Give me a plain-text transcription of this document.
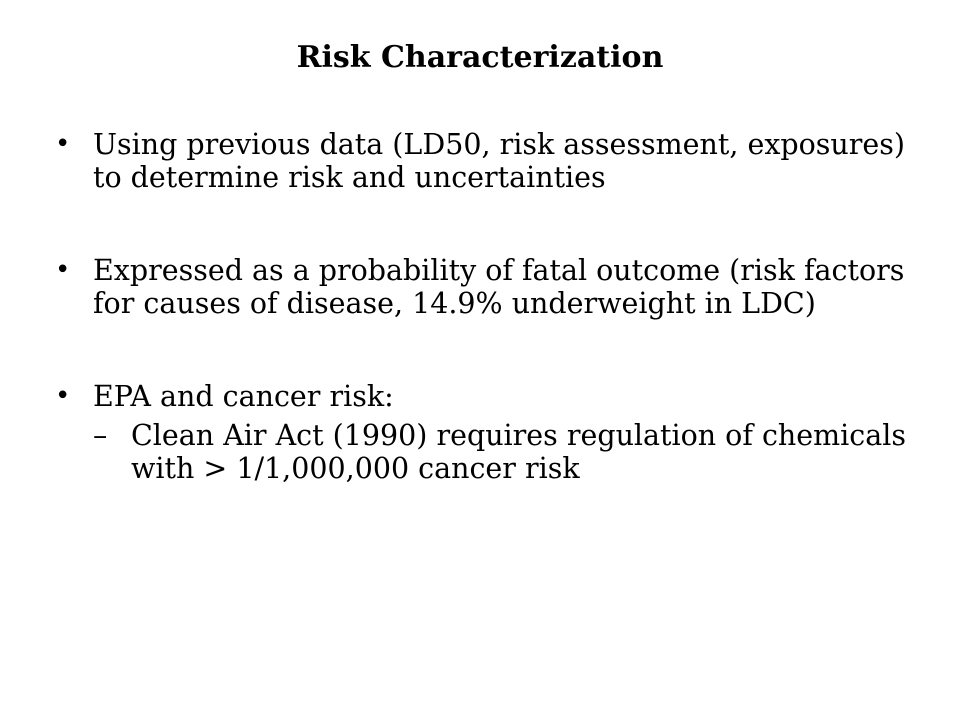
Risk Characterization
• Using previous data (LD50, risk assessment, exposures) to determine risk and uncertainties
• Expressed as a probability of fatal outcome (risk factors for causes of disease, 14.9% underweight in LDC)
• EPA and cancer risk:
– Clean Air Act (1990) requires regulation of chemicals with > 1/1,000,000 cancer risk
